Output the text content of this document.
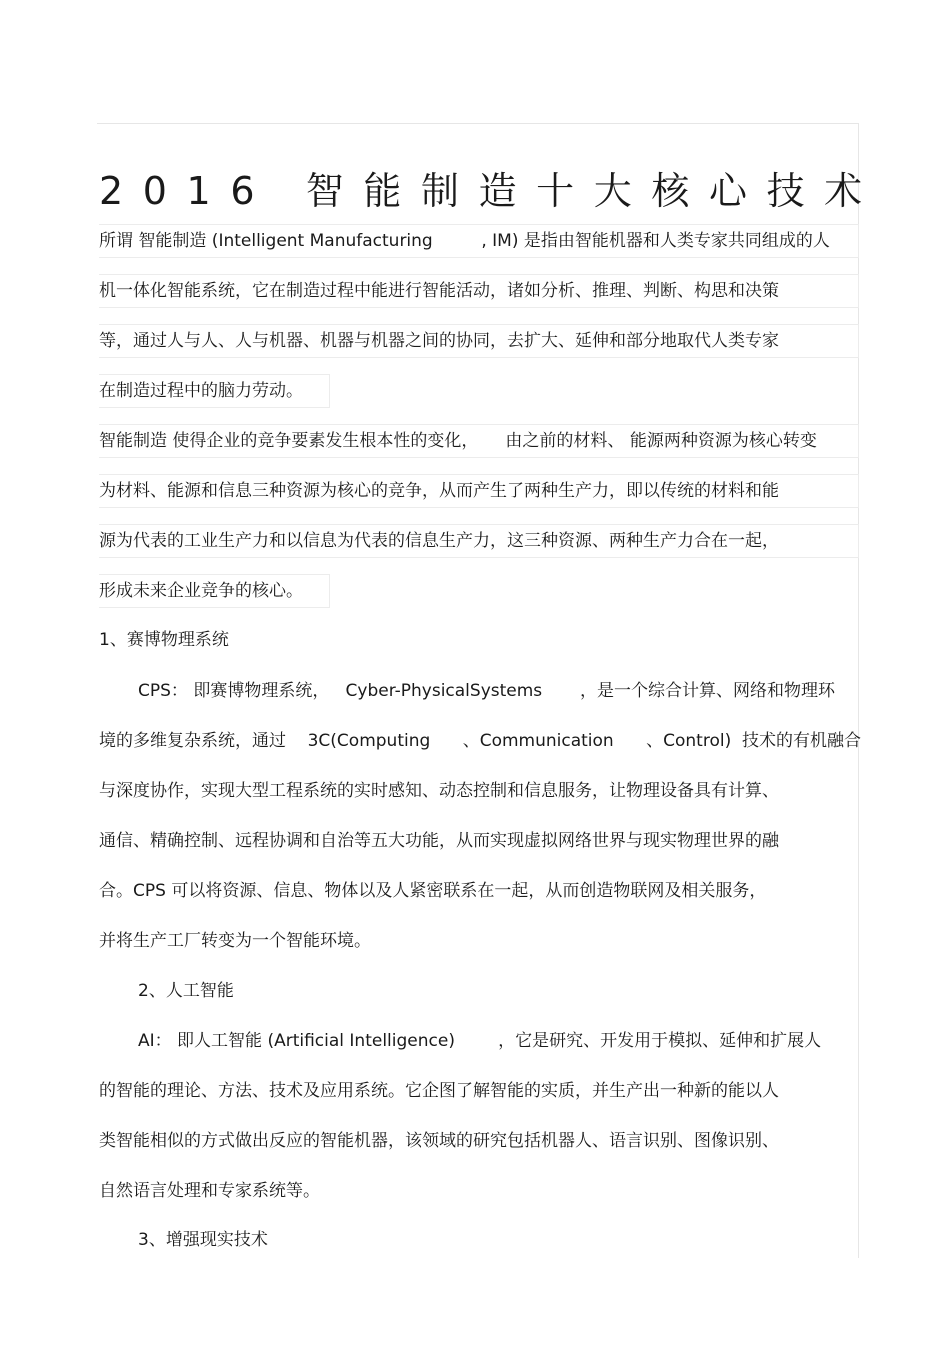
2016 智能制造十大核心技术
所谓 智能制造 (Intelligent Manufacturing         , IM) 是指由智能机器和人类专家共同组成的人
机一体化智能系统，它在制造过程中能进行智能活动，诸如分析、推理、判断、构思和决策
等，通过人与人、人与机器、机器与机器之间的协同，去扩大、延伸和部分地取代人类专家
在制造过程中的脑力劳动。
智能制造 使得企业的竞争要素发生根本性的变化，     由之前的材料、 能源两种资源为核心转变
为材料、能源和信息三种资源为核心的竞争，从而产生了两种生产力，即以传统的材料和能
源为代表的工业生产力和以信息为代表的信息生产力，这三种资源、两种生产力合在一起，
形成未来企业竞争的核心。
1、赛博物理系统
CPS： 即赛博物理系统，   Cyber-PhysicalSystems       ，是一个综合计算、网络和物理环
境的多维复杂系统，通过    3C(Computing      、Communication      、Control)  技术的有机融合
与深度协作，实现大型工程系统的实时感知、动态控制和信息服务，让物理设备具有计算、
通信、精确控制、远程协调和自治等五大功能，从而实现虚拟网络世界与现实物理世界的融
合。CPS 可以将资源、信息、物体以及人紧密联系在一起，从而创造物联网及相关服务，
并将生产工厂转变为一个智能环境。
2、人工智能
AI： 即人工智能 (Artificial Intelligence)        ，它是研究、开发用于模拟、延伸和扩展人
的智能的理论、方法、技术及应用系统。它企图了解智能的实质，并生产出一种新的能以人
类智能相似的方式做出反应的智能机器，该领域的研究包括机器人、语言识别、图像识别、
自然语言处理和专家系统等。
3、增强现实技术
